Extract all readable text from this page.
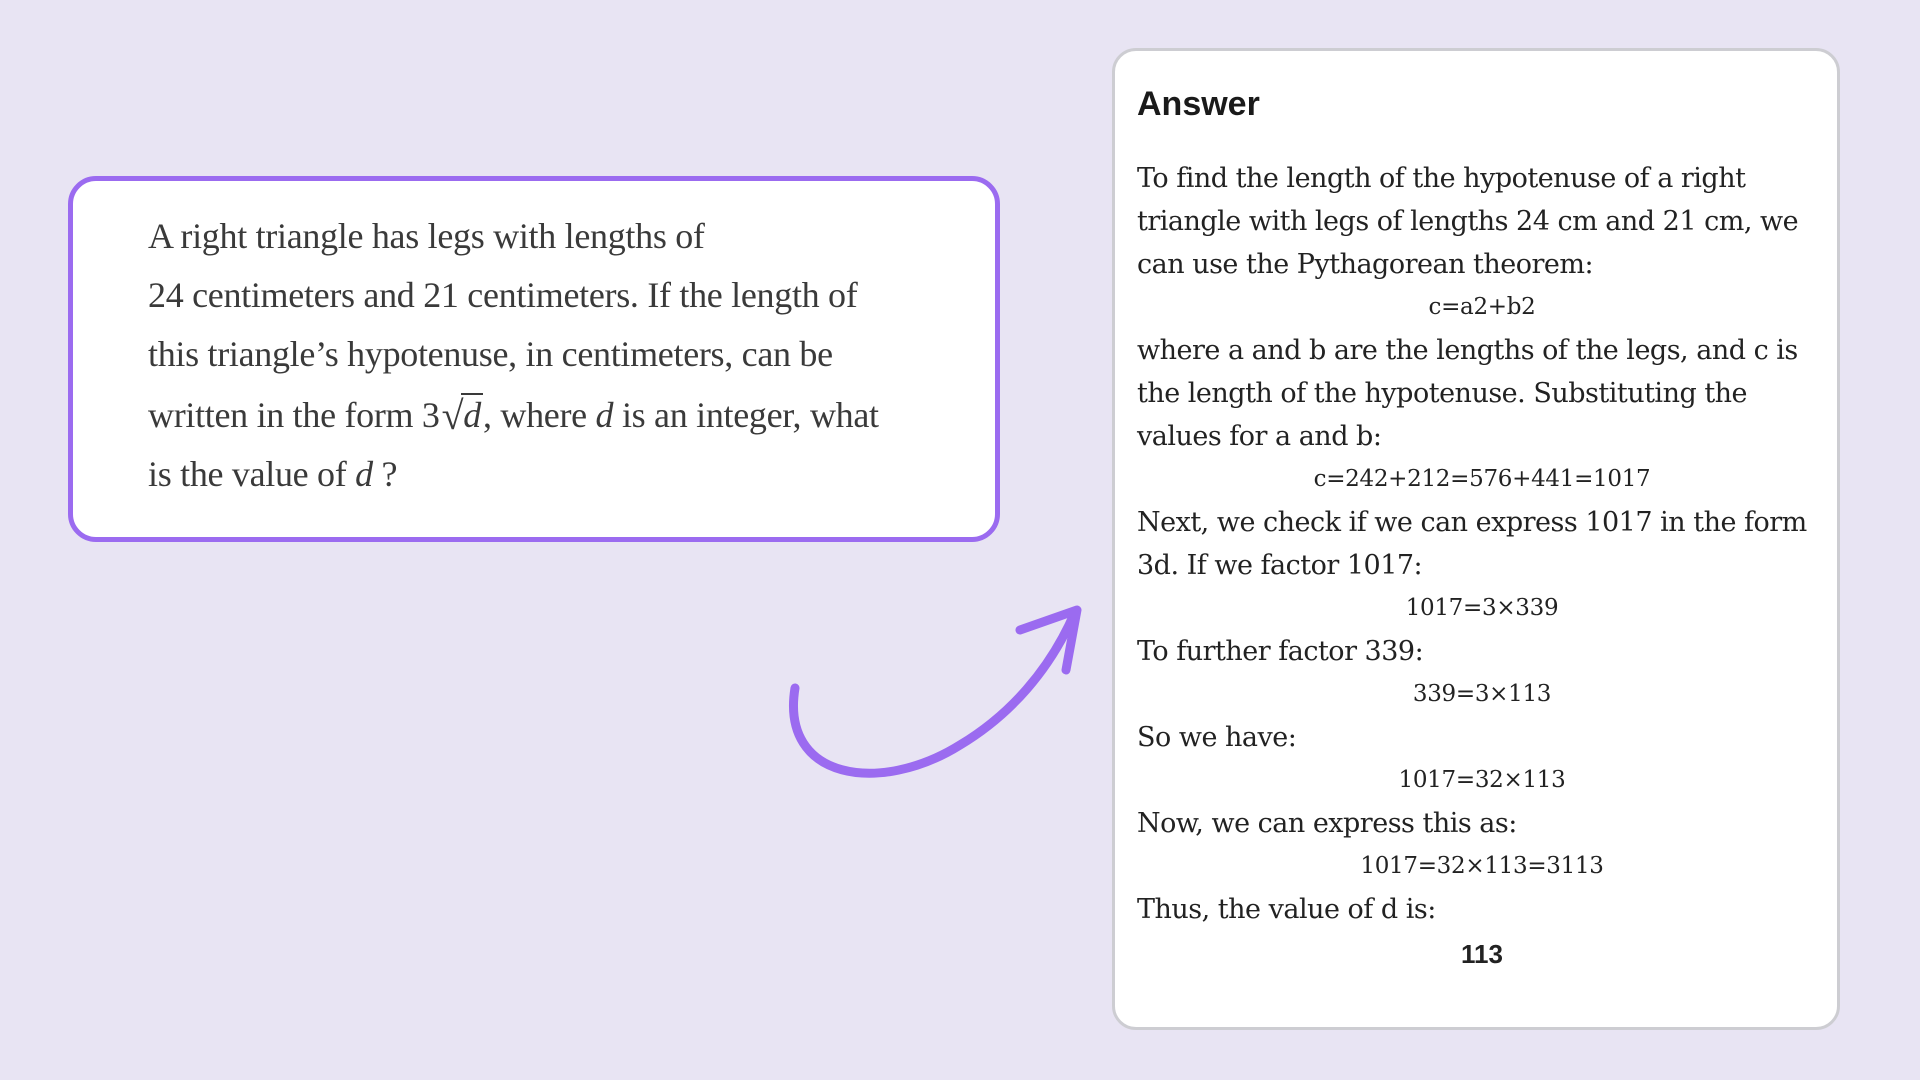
A right triangle has legs with lengths of
24 centimeters and 21 centimeters. If the length of
this triangle’s hypotenuse, in centimeters, can be
written in the form 3√d, where d is an integer, what
is the value of d ?

Answer
To find the length of the hypotenuse of a right
triangle with legs of lengths 24 cm and 21 cm, we
can use the Pythagorean theorem:
c=a2+b2
where a and b are the lengths of the legs, and c is
the length of the hypotenuse. Substituting the
values for a and b:
c=242+212=576+441=1017
Next, we check if we can express 1017 in the form
3d. If we factor 1017:
1017=3×339
To further factor 339:
339=3×113
So we have:
1017=32×113
Now, we can express this as:
1017=32×113=3113
Thus, the value of d is:
113
